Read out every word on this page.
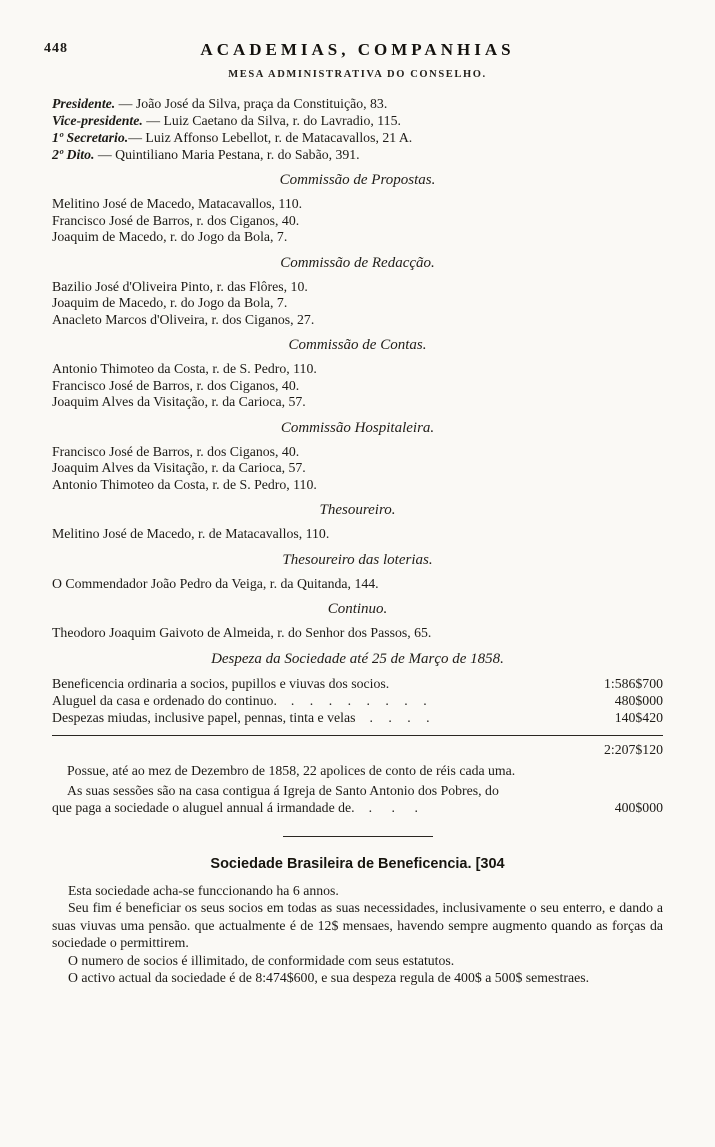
448	ACADEMIAS, COMPANHIAS
MESA ADMINISTRATIVA DO CONSELHO.
Presidente. — João José da Silva, praça da Constituição, 83.
Vice-presidente. — Luiz Caetano da Silva, r. do Lavradio, 115.
1º Secretario.— Luiz Affonso Lebellot, r. de Matacavallos, 21 A.
2º Dito. — Quintiliano Maria Pestana, r. do Sabão, 391.
Commissão de Propostas.
Melitino José de Macedo, Matacavallos, 110.
Francisco José de Barros, r. dos Ciganos, 40.
Joaquim de Macedo, r. do Jogo da Bola, 7.
Commissão de Redacção.
Bazilio José d'Oliveira Pinto, r. das Flôres, 10.
Joaquim de Macedo, r. do Jogo da Bola, 7.
Anacleto Marcos d'Oliveira, r. dos Ciganos, 27.
Commissão de Contas.
Antonio Thimoteo da Costa, r. de S. Pedro, 110.
Francisco José de Barros, r. dos Ciganos, 40.
Joaquim Alves da Visitação, r. da Carioca, 57.
Commissão Hospitaleira.
Francisco José de Barros, r. dos Ciganos, 40.
Joaquim Alves da Visitação, r. da Carioca, 57.
Antonio Thimoteo da Costa, r. de S. Pedro, 110.
Thesoureiro.
Melitino José de Macedo, r. de Matacavallos, 110.
Thesoureiro das loterias.
O Commendador João Pedro da Veiga, r. da Quitanda, 144.
Continuo.
Theodoro Joaquim Gaivoto de Almeida, r. do Senhor dos Passos, 65.
Despeza da Sociedade até 25 de Março de 1858.
Beneficencia ordinaria a socios, pupillos e viuvas dos socios.	1:586$700
Aluguel da casa e ordenado do continuo.	. . . . . . . .	480$000
Despezas miudas, inclusive papel, pennas, tinta e velas	. . . .	140$420
2:207$120
Possue, até ao mez de Dezembro de 1858, 22 apolices de conto de réis cada uma.
As suas sessões são na casa contigua á Igreja de Santo Antonio dos Pobres, do
que paga a sociedade o aluguel annual á irmandade de.	. . .	400$000
Sociedade Brasileira de Beneficencia. [304
Esta sociedade acha-se funccionando ha 6 annos.
Seu fim é beneficiar os seus socios em todas as suas necessidades, inclusivamente o seu enterro, e dando a suas viuvas uma pensão. que actualmente é de 12$ mensaes, havendo sempre augmento quando as forças da sociedade o permittirem.
O numero de socios é illimitado, de conformidade com seus estatutos.
O activo actual da sociedade é de 8:474$600, e sua despeza regula de 400$ a 500$ semestraes.
